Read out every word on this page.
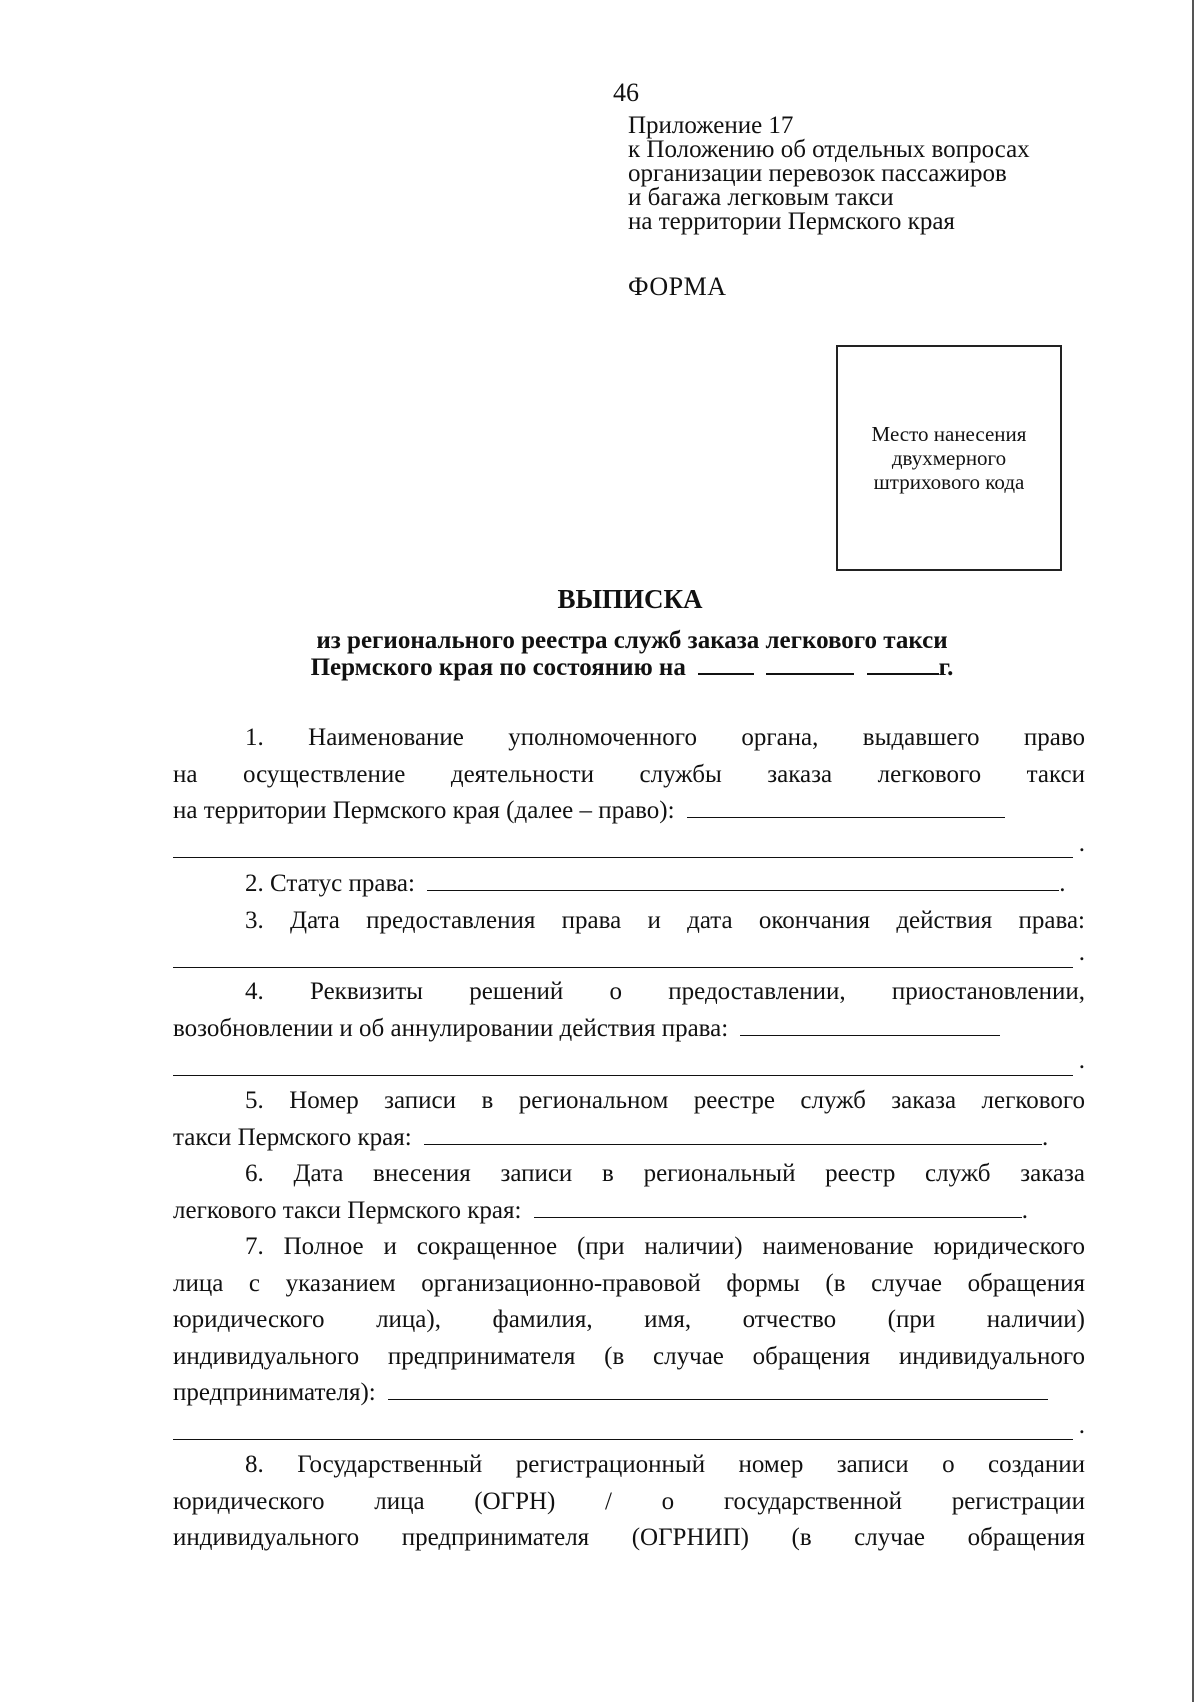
46
Приложение 17
к Положению об отдельных вопросах
организации перевозок пассажиров
и багажа легковым такси
на территории Пермского края
ФОРМА
Место нанесения
двухмерного
штрихового кода
ВЫПИСКА
из регионального реестра служб заказа легкового такси
Пермского края по состоянию на	г.
1. Наименование уполномоченного органа, выдавшего право
на осуществление деятельности службы заказа легкового такси
на территории Пермского края (далее – право):
.
2. Статус права:	.
3. Дата предоставления права и дата окончания действия права:
.
4. Реквизиты решений о предоставлении, приостановлении,
возобновлении и об аннулировании действия права:
.
5. Номер записи в региональном реестре служб заказа легкового
такси Пермского края:	.
6. Дата внесения записи в региональный реестр служб заказа
легкового такси Пермского края:	.
7. Полное и сокращенное (при наличии) наименование юридического
лица с указанием организационно-правовой формы (в случае обращения
юридического лица), фамилия, имя, отчество (при наличии)
индивидуального предпринимателя (в случае обращения индивидуального
предпринимателя):
.
8. Государственный регистрационный номер записи о создании
юридического лица (ОГРН) / о государственной регистрации
индивидуального предпринимателя (ОГРНИП) (в случае обращения
